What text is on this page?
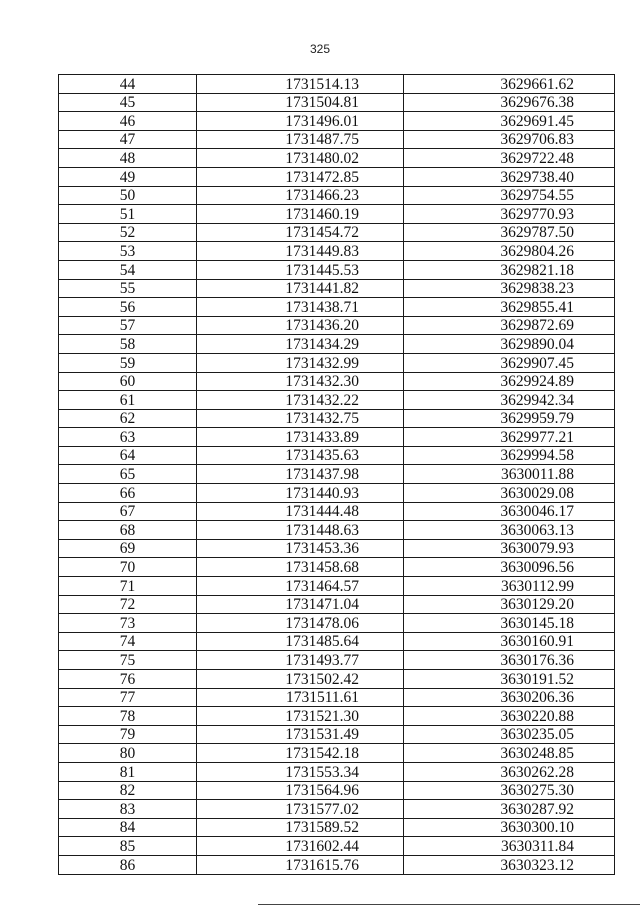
325
44	1731514.13	3629661.62
45	1731504.81	3629676.38
46	1731496.01	3629691.45
47	1731487.75	3629706.83
48	1731480.02	3629722.48
49	1731472.85	3629738.40
50	1731466.23	3629754.55
51	1731460.19	3629770.93
52	1731454.72	3629787.50
53	1731449.83	3629804.26
54	1731445.53	3629821.18
55	1731441.82	3629838.23
56	1731438.71	3629855.41
57	1731436.20	3629872.69
58	1731434.29	3629890.04
59	1731432.99	3629907.45
60	1731432.30	3629924.89
61	1731432.22	3629942.34
62	1731432.75	3629959.79
63	1731433.89	3629977.21
64	1731435.63	3629994.58
65	1731437.98	3630011.88
66	1731440.93	3630029.08
67	1731444.48	3630046.17
68	1731448.63	3630063.13
69	1731453.36	3630079.93
70	1731458.68	3630096.56
71	1731464.57	3630112.99
72	1731471.04	3630129.20
73	1731478.06	3630145.18
74	1731485.64	3630160.91
75	1731493.77	3630176.36
76	1731502.42	3630191.52
77	1731511.61	3630206.36
78	1731521.30	3630220.88
79	1731531.49	3630235.05
80	1731542.18	3630248.85
81	1731553.34	3630262.28
82	1731564.96	3630275.30
83	1731577.02	3630287.92
84	1731589.52	3630300.10
85	1731602.44	3630311.84
86	1731615.76	3630323.12
